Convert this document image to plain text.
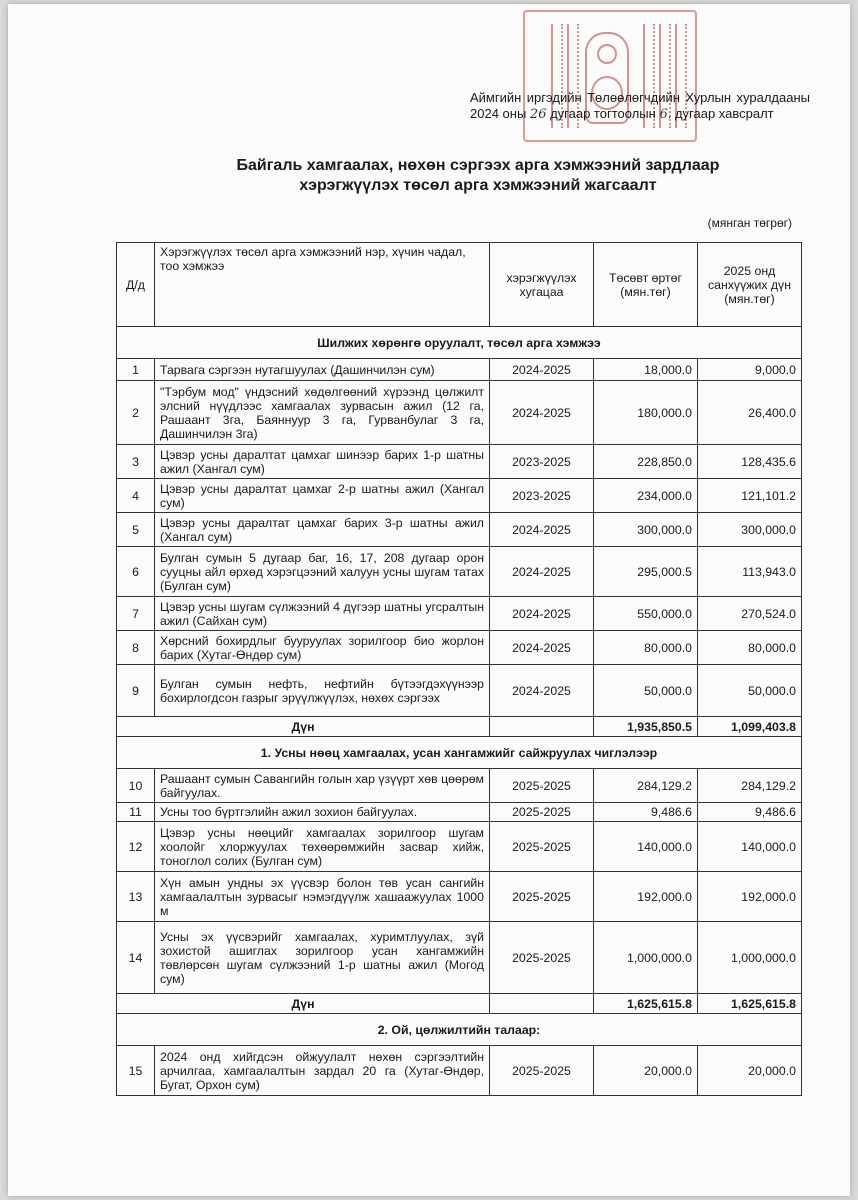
Аймгийн иргэдийн Төлөөлөгчдийн Хурлын хуралдааны 2024 оны 26 дугаар тогтоолын 6. дугаар хавсралт
Байгаль хамгаалах, нөхөн сэргээх арга хэмжээний зардлаар
хэрэгжүүлэх төсөл арга хэмжээний жагсаалт
(мянган төгрөг)
Д/д	Хэрэгжүүлэх төсөл арга хэмжээний нэр, хүчин чадал, тоо хэмжээ	хэрэгжүүлэх хугацаа	Төсөвт өртөг (мян.төг)	2025 онд санхүүжих дүн (мян.төг)
Шилжих хөрөнгө оруулалт, төсөл арга хэмжээ				
1	Тарвага сэргээн нутагшуулах (Дашинчилэн сум)	2024-2025	18,000.0	9,000.0
2	"Тэрбум мод" үндэсний хөдөлгөөний хүрээнд цөлжилт элсний нүүдлээс хамгаалах зурвасын ажил (12 га, Рашаант 3га, Баяннуур 3 га, Гурванбулаг 3 га, Дашинчилэн 3га)	2024-2025	180,000.0	26,400.0
3	Цэвэр усны даралтат цамхаг шинээр барих 1-р шатны ажил (Хангал сум)	2023-2025	228,850.0	128,435.6
4	Цэвэр усны даралтат цамхаг 2-р шатны ажил (Хангал сум)	2023-2025	234,000.0	121,101.2
5	Цэвэр усны даралтат цамхаг барих 3-р шатны ажил (Хангал сум)	2024-2025	300,000.0	300,000.0
6	Булган сумын 5 дугаар баг, 16, 17, 208 дугаар орон сууцны айл өрхөд хэрэгцээний халуун усны шугам татах (Булган сум)	2024-2025	295,000.5	113,943.0
7	Цэвэр усны шугам сүлжээний 4 дүгээр шатны угсралтын ажил (Сайхан сум)	2024-2025	550,000.0	270,524.0
8	Хөрсний бохирдлыг бууруулах зорилгоор био жорлон барих (Хутаг-Өндөр сум)	2024-2025	80,000.0	80,000.0
9	Булган сумын нефть, нефтийн бүтээгдэхүүнээр бохирлогдсон газрыг эрүүлжүүлэх, нөхөх сэргээх	2024-2025	50,000.0	50,000.0
Дүн			1,935,850.5	1,099,403.8
1. Усны нөөц хамгаалах, усан хангамжийг сайжруулах чиглэлээр				
10	Рашаант сумын Савангийн голын хар үзүүрт хөв цөөрөм байгуулах.	2025-2025	284,129.2	284,129.2
11	Усны тоо бүртгэлийн ажил зохион байгуулах.	2025-2025	9,486.6	9,486.6
12	Цэвэр усны нөөцийг хамгаалах зорилгоор шугам хоолойг хлоржуулах төхөөрөмжийн засвар хийж, тоноглол солих (Булган сум)	2025-2025	140,000.0	140,000.0
13	Хүн амын ундны эх үүсвэр болон төв усан сангийн хамгаалалтын зурвасыг нэмэгдүүлж хашаажуулах 1000 м	2025-2025	192,000.0	192,000.0
14	Усны эх үүсвэрийг хамгаалах, хуримтлуулах, зүй зохистой ашиглах зорилгоор усан хангамжийн төвлөрсөн шугам сүлжээний 1-р шатны ажил (Могод сум)	2025-2025	1,000,000.0	1,000,000.0
Дүн			1,625,615.8	1,625,615.8
2. Ой, цөлжилтийн талаар:				
15	2024 онд хийгдсэн ойжуулалт нөхөн сэргээлтийн арчилгаа, хамгаалалтын зардал 20 га (Хутаг-Өндөр, Бугат, Орхон сум)	2025-2025	20,000.0	20,000.0
